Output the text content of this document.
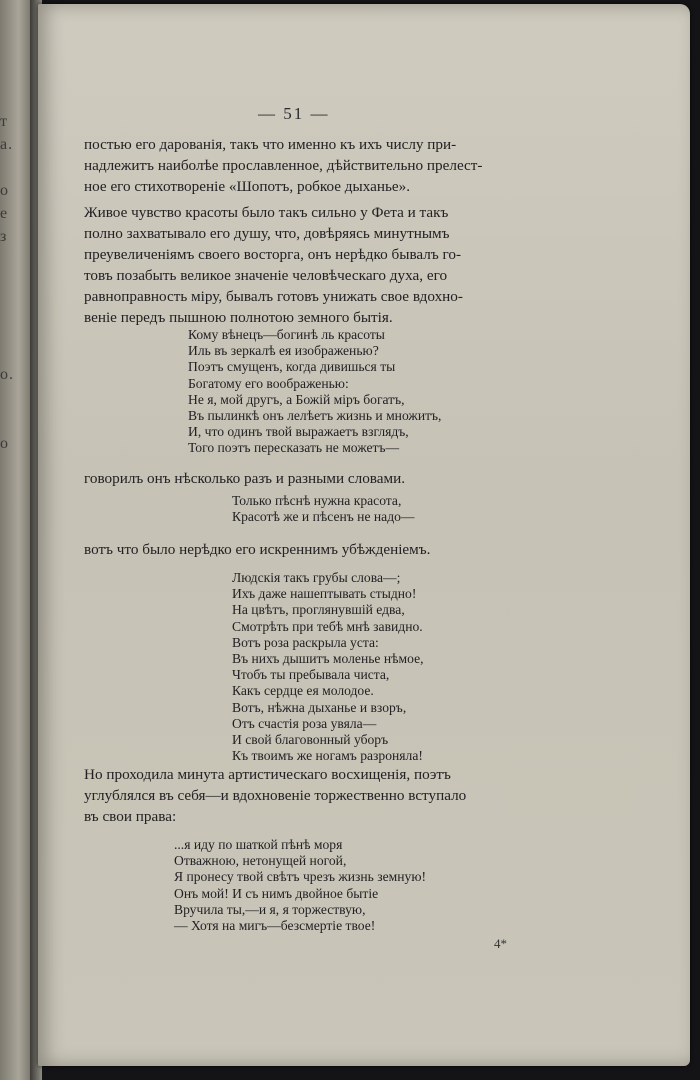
т
а.

о
е
з

о.

о

— 51 —
постью его дарованія, такъ что именно къ ихъ числу при-
надлежитъ наиболѣе прославленное, дѣйствительно прелест-
ное его стихотвореніе «Шопотъ, робкое дыханье».
Живое чувство красоты было такъ сильно у Фета и такъ
полно захватывало его душу, что, довѣряясь минутнымъ
преувеличеніямъ своего восторга, онъ нерѣдко бывалъ го-
товъ позабыть великое значеніе человѣческаго духа, его
равноправность міру, бывалъ готовъ унижать свое вдохно-
веніе передъ пышною полнотою земного бытія.
Кому вѣнецъ—богинѣ ль красоты
Иль въ зеркалѣ ея изображенью?
Поэтъ смущенъ, когда дивишься ты
Богатому его воображенью:
Не я, мой другъ, а Божій міръ богатъ,
Въ пылинкѣ онъ лелѣетъ жизнь и множитъ,
И, что одинъ твой выражаетъ взглядъ,
Того поэтъ пересказать не можетъ—
говорилъ онъ нѣсколько разъ и разными словами.
Только пѣснѣ нужна красота,
Красотѣ же и пѣсенъ не надо—
вотъ что было нерѣдко его искреннимъ убѣжденіемъ.
Людскія такъ грубы слова—;
Ихъ даже нашептывать стыдно!
На цвѣтъ, проглянувшій едва,
Смотрѣть при тебѣ мнѣ завидно.
Вотъ роза раскрыла уста:
Въ нихъ дышитъ моленье нѣмое,
Чтобъ ты пребывала чиста,
Какъ сердце ея молодое.
Вотъ, нѣжна дыханье и взоръ,
Отъ счастія роза увяла—
И свой благовонный уборъ
Къ твоимъ же ногамъ разроняла!
Но проходила минута артистическаго восхищенія, поэтъ
углублялся въ себя—и вдохновеніе торжественно вступало
въ свои права:
...я иду по шаткой пѣнѣ моря
Отважною, нетонущей ногой,
Я пронесу твой свѣтъ чрезъ жизнь земную!
Онъ мой! И съ нимъ двойное бытіе
Вручила ты,—и я, я торжествую,
— Хотя на мигъ—безсмертіе твое!
4*
